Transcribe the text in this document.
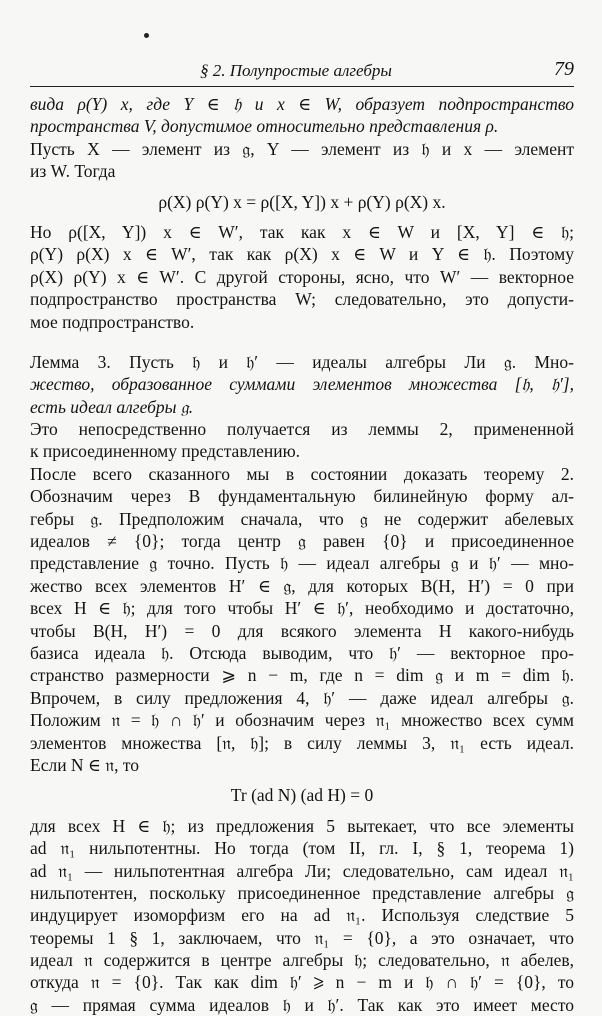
§ 2. Полупростые алгебры	79
вида ρ(Y) x, где Y ∈ 𝔥 и x ∈ W, образует подпространство
пространства V, допустимое относительно представления ρ.
Пусть X — элемент из 𝔤, Y — элемент из 𝔥 и x — элемент
из W. Тогда
ρ(X) ρ(Y) x = ρ([X, Y]) x + ρ(Y) ρ(X) x.
Но ρ([X, Y]) x ∈ W′, так как x ∈ W и [X, Y] ∈ 𝔥;
ρ(Y) ρ(X) x ∈ W′, так как ρ(X) x ∈ W и Y ∈ 𝔥. Поэтому
ρ(X) ρ(Y) x ∈ W′. С другой стороны, ясно, что W′ — векторное
подпространство пространства W; следовательно, это допусти-
мое подпространство.
Лемма 3. Пусть 𝔥 и 𝔥′ — идеалы алгебры Ли 𝔤. Мно-
жество, образованное суммами элементов множества [𝔥, 𝔥′],
есть идеал алгебры 𝔤.
Это непосредственно получается из леммы 2, примененной
к присоединенному представлению.
После всего сказанного мы в состоянии доказать теорему 2.
Обозначим через B фундаментальную билинейную форму ал-
гебры 𝔤. Предположим сначала, что 𝔤 не содержит абелевых
идеалов ≠ {0}; тогда центр 𝔤 равен {0} и присоединенное
представление 𝔤 точно. Пусть 𝔥 — идеал алгебры 𝔤 и 𝔥′ — мно-
жество всех элементов H′ ∈ 𝔤, для которых B(H, H′) = 0 при
всех H ∈ 𝔥; для того чтобы H′ ∈ 𝔥′, необходимо и достаточно,
чтобы B(H, H′) = 0 для всякого элемента H какого-нибудь
базиса идеала 𝔥. Отсюда выводим, что 𝔥′ — векторное про-
странство размерности ⩾ n − m, где n = dim 𝔤 и m = dim 𝔥.
Впрочем, в силу предложения 4, 𝔥′ — даже идеал алгебры 𝔤.
Положим 𝔫 = 𝔥 ∩ 𝔥′ и обозначим через 𝔫₁ множество всех сумм
элементов множества [𝔫, 𝔥]; в силу леммы 3, 𝔫₁ есть идеал.
Если N ∈ 𝔫, то
Tr (ad N) (ad H) = 0
для всех H ∈ 𝔥; из предложения 5 вытекает, что все элементы
ad 𝔫₁ нильпотентны. Но тогда (том II, гл. I, § 1, теорема 1)
ad 𝔫₁ — нильпотентная алгебра Ли; следовательно, сам идеал 𝔫₁
нильпотентен, поскольку присоединенное представление алгебры 𝔤
индуцирует изоморфизм его на ad 𝔫₁. Используя следствие 5
теоремы 1 § 1, заключаем, что 𝔫₁ = {0}, а это означает, что
идеал 𝔫 содержится в центре алгебры 𝔥; следовательно, 𝔫 абелев,
откуда 𝔫 = {0}. Так как dim 𝔥′ ⩾ n − m и 𝔥 ∩ 𝔥′ = {0}, то
𝔤 — прямая сумма идеалов 𝔥 и 𝔥′. Так как это имеет место
